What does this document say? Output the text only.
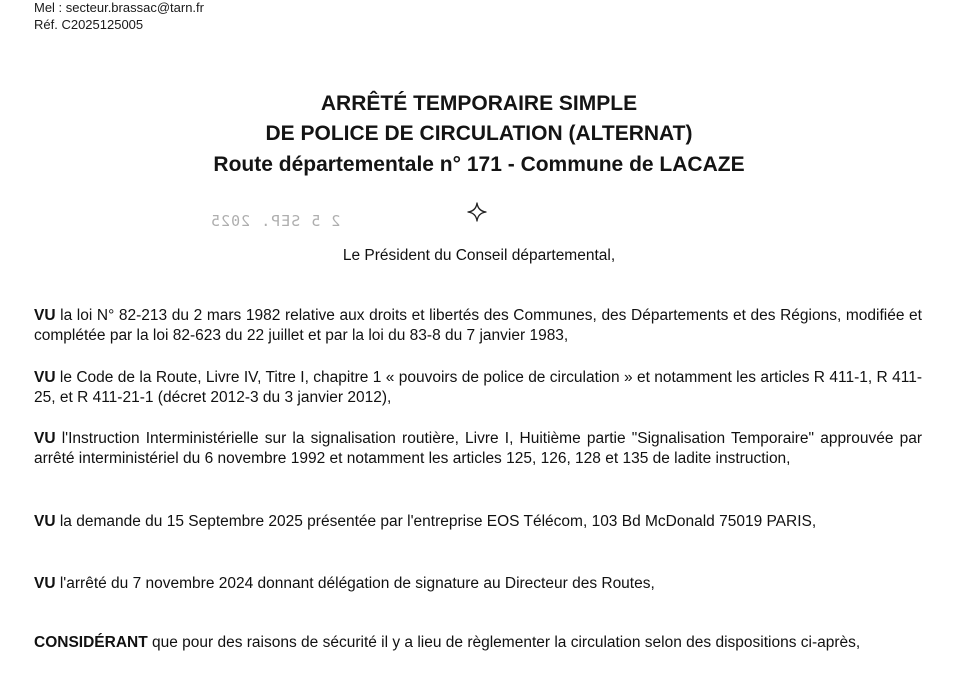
Mel : secteur.brassac@tarn.fr
Réf. C2025125005
ARRÊTÉ TEMPORAIRE SIMPLE
DE POLICE DE CIRCULATION (ALTERNAT)
Route départementale n° 171 - Commune de LACAZE
2 5 SEP. 2025
Le Président du Conseil départemental,
VU la loi N° 82-213 du 2 mars 1982 relative aux droits et libertés des Communes, des Départements et des Régions, modifiée et complétée par la loi 82-623 du 22 juillet et par la loi du 83-8 du 7 janvier 1983,
VU le Code de la Route, Livre IV, Titre I, chapitre 1 « pouvoirs de police de circulation » et notamment les articles R 411-1, R 411-25, et R 411-21-1 (décret 2012-3 du 3 janvier 2012),
VU l'Instruction Interministérielle sur la signalisation routière, Livre I, Huitième partie "Signalisation Temporaire" approuvée par arrêté interministériel du 6 novembre 1992 et notamment les articles 125, 126, 128 et 135 de ladite instruction,
VU la demande du 15 Septembre 2025 présentée par l'entreprise EOS Télécom, 103 Bd McDonald 75019 PARIS,
VU l'arrêté du 7 novembre 2024 donnant délégation de signature au Directeur des Routes,
CONSIDÉRANT que pour des raisons de sécurité il y a lieu de règlementer la circulation selon des dispositions ci-après,
